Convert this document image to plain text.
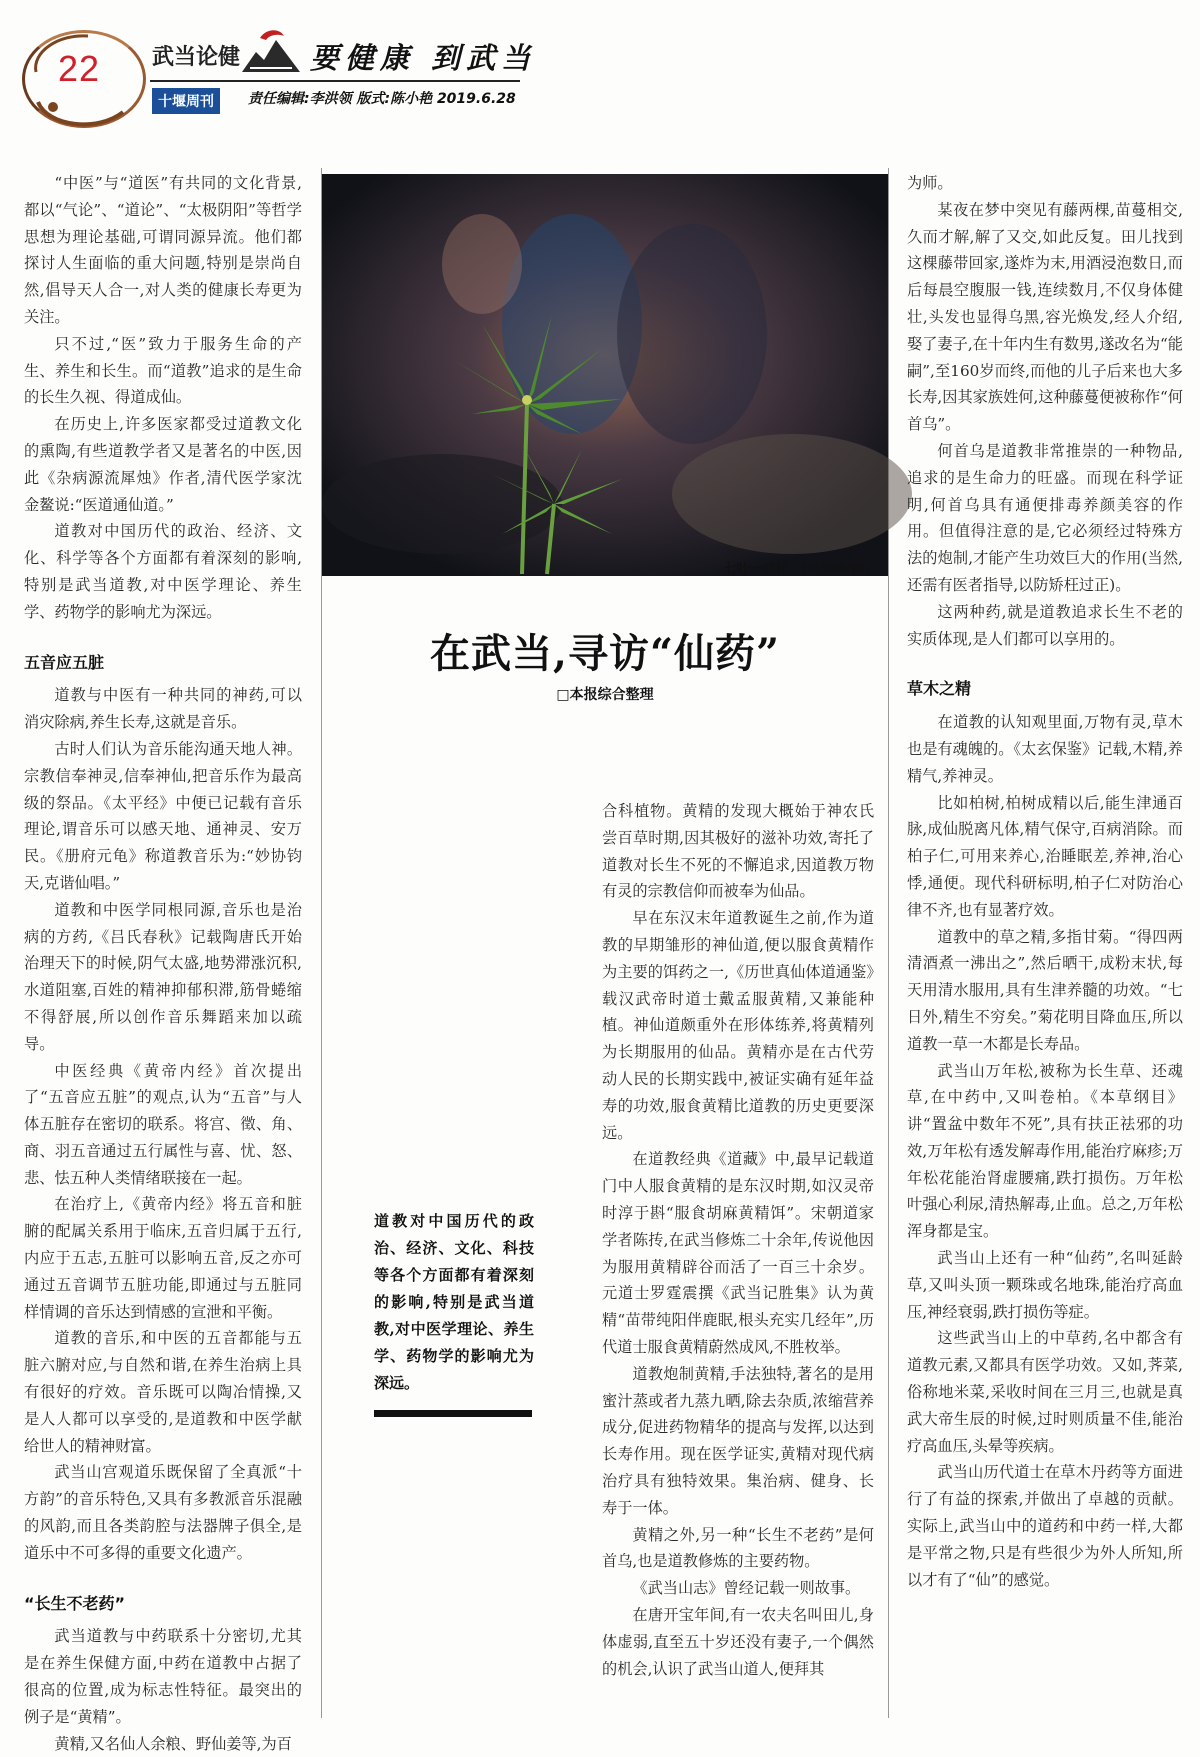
22 武当论健 要健康 到武当
十堰周刊	责任编辑:李洪领 版式:陈小艳 2019.6.28

“中医”与“道医”有共同的文化背景,都以“气论”、“道论”、“太极阴阳”等哲学思想为理论基础,可谓同源异流。他们都探讨人生面临的重大问题,特别是崇尚自然,倡导天人合一,对人类的健康长寿更为关注。

只不过,“医”致力于服务生命的产生、养生和长生。而“道教”追求的是生命的长生久视、得道成仙。

在历史上,许多医家都受过道教文化的熏陶,有些道教学者又是著名的中医,因此《杂病源流犀烛》作者,清代医学家沈金鳌说:“医道通仙道。”

道教对中国历代的政治、经济、文化、科学等各个方面都有着深刻的影响,特别是武当道教,对中医学理论、养生学、药物学的影响尤为深远。

五音应五脏

道教与中医有一种共同的神药,可以消灾除病,养生长寿,这就是音乐。

古时人们认为音乐能沟通天地人神。宗教信奉神灵,信奉神仙,把音乐作为最高级的祭品。《太平经》中便已记载有音乐理论,谓音乐可以感天地、通神灵、安万民。《册府元龟》称道教音乐为:“妙协钧天,克谐仙唱。”

道教和中医学同根同源,音乐也是治病的方药,《吕氏春秋》记载陶唐氏开始治理天下的时候,阴气太盛,地势滞涨沉积,水道阻塞,百姓的精神抑郁积滞,筋骨蜷缩不得舒展,所以创作音乐舞蹈来加以疏导。

中医经典《黄帝内经》首次提出了“五音应五脏”的观点,认为“五音”与人体五脏存在密切的联系。将宫、徵、角、商、羽五音通过五行属性与喜、忧、怒、悲、怯五种人类情绪联接在一起。

在治疗上,《黄帝内经》将五音和脏腑的配属关系用于临床,五音归属于五行,内应于五志,五脏可以影响五音,反之亦可通过五音调节五脏功能,即通过与五脏同样情调的音乐达到情感的宣泄和平衡。

道教的音乐,和中医的五音都能与五脏六腑对应,与自然和谐,在养生治病上具有很好的疗效。音乐既可以陶冶情操,又是人人都可以享受的,是道教和中医学献给世人的精神财富。

武当山宫观道乐既保留了全真派“十方韵”的音乐特色,又具有多教派音乐混融的风韵,而且各类韵腔与法器牌子俱全,是道乐中不可多得的重要文化遗产。

“长生不老药”

武当道教与中药联系十分密切,尤其是在养生保健方面,中药在道教中占据了很高的位置,成为标志性特征。最突出的例子是“黄精”。

黄精,又名仙人余粮、野仙姜等,为百

七叶一枝花。(范学锋/图)
在武当,寻访“仙药”
□本报综合整理
道教对中国历代的政治、经济、文化、科技等各个方面都有着深刻的影响,特别是武当道教,对中医学理论、养生学、药物学的影响尤为深远。

合科植物。黄精的发现大概始于神农氏尝百草时期,因其极好的滋补功效,寄托了道教对长生不死的不懈追求,因道教万物有灵的宗教信仰而被奉为仙品。

早在东汉末年道教诞生之前,作为道教的早期雏形的神仙道,便以服食黄精作为主要的饵药之一,《历世真仙体道通鉴》载汉武帝时道士戴孟服黄精,又兼能种植。神仙道颇重外在形体练养,将黄精列为长期服用的仙品。黄精亦是在古代劳动人民的长期实践中,被证实确有延年益寿的功效,服食黄精比道教的历史更要深远。

在道教经典《道藏》中,最早记载道门中人服食黄精的是东汉时期,如汉灵帝时淳于斟“服食胡麻黄精饵”。宋朝道家学者陈抟,在武当修炼二十余年,传说他因为服用黄精辟谷而活了一百三十余岁。元道士罗霆震撰《武当记胜集》认为黄精“苗带纯阳伴鹿眠,根头充实几经年”,历代道士服食黄精蔚然成风,不胜枚举。

道教炮制黄精,手法独特,著名的是用蜜汁蒸或者九蒸九晒,除去杂质,浓缩营养成分,促进药物精华的提高与发挥,以达到长寿作用。现在医学证实,黄精对现代病治疗具有独特效果。集治病、健身、长寿于一体。

黄精之外,另一种“长生不老药”是何首乌,也是道教修炼的主要药物。

《武当山志》曾经记载一则故事。

在唐开宝年间,有一农夫名叫田儿,身体虚弱,直至五十岁还没有妻子,一个偶然的机会,认识了武当山道人,便拜其

为师。

某夜在梦中突见有藤两棵,苗蔓相交,久而才解,解了又交,如此反复。田儿找到这棵藤带回家,遂炸为末,用酒浸泡数日,而后每晨空腹服一钱,连续数月,不仅身体健壮,头发也显得乌黑,容光焕发,经人介绍,娶了妻子,在十年内生有数男,遂改名为“能嗣”,至160岁而终,而他的儿子后来也大多长寿,因其家族姓何,这种藤蔓便被称作“何首乌”。

何首乌是道教非常推崇的一种物品,追求的是生命力的旺盛。而现在科学证明,何首乌具有通便排毒养颜美容的作用。但值得注意的是,它必须经过特殊方法的炮制,才能产生功效巨大的作用(当然,还需有医者指导,以防矫枉过正)。

这两种药,就是道教追求长生不老的实质体现,是人们都可以享用的。

草木之精

在道教的认知观里面,万物有灵,草木也是有魂魄的。《太玄保鉴》记载,木精,养精气,养神灵。

比如柏树,柏树成精以后,能生津通百脉,成仙脱离凡体,精气保守,百病消除。而柏子仁,可用来养心,治睡眠差,养神,治心悸,通便。现代科研标明,柏子仁对防治心律不齐,也有显著疗效。

道教中的草之精,多指甘菊。“得四两清酒煮一沸出之”,然后晒干,成粉末状,每天用清水服用,具有生津养髓的功效。“七日外,精生不穷矣。”菊花明目降血压,所以道教一草一木都是长寿品。

武当山万年松,被称为长生草、还魂草,在中药中,又叫卷柏。《本草纲目》讲“置盆中数年不死”,具有扶正祛邪的功效,万年松有透发解毒作用,能治疗麻疹;万年松花能治肾虚腰痛,跌打损伤。万年松叶强心利尿,清热解毒,止血。总之,万年松浑身都是宝。

武当山上还有一种“仙药”,名叫延龄草,又叫头顶一颗珠或名地珠,能治疗高血压,神经衰弱,跌打损伤等症。

这些武当山上的中草药,名中都含有道教元素,又都具有医学功效。又如,荠菜,俗称地米菜,采收时间在三月三,也就是真武大帝生辰的时候,过时则质量不佳,能治疗高血压,头晕等疾病。

武当山历代道士在草木丹药等方面进行了有益的探索,并做出了卓越的贡献。实际上,武当山中的道药和中药一样,大都是平常之物,只是有些很少为外人所知,所以才有了“仙”的感觉。
